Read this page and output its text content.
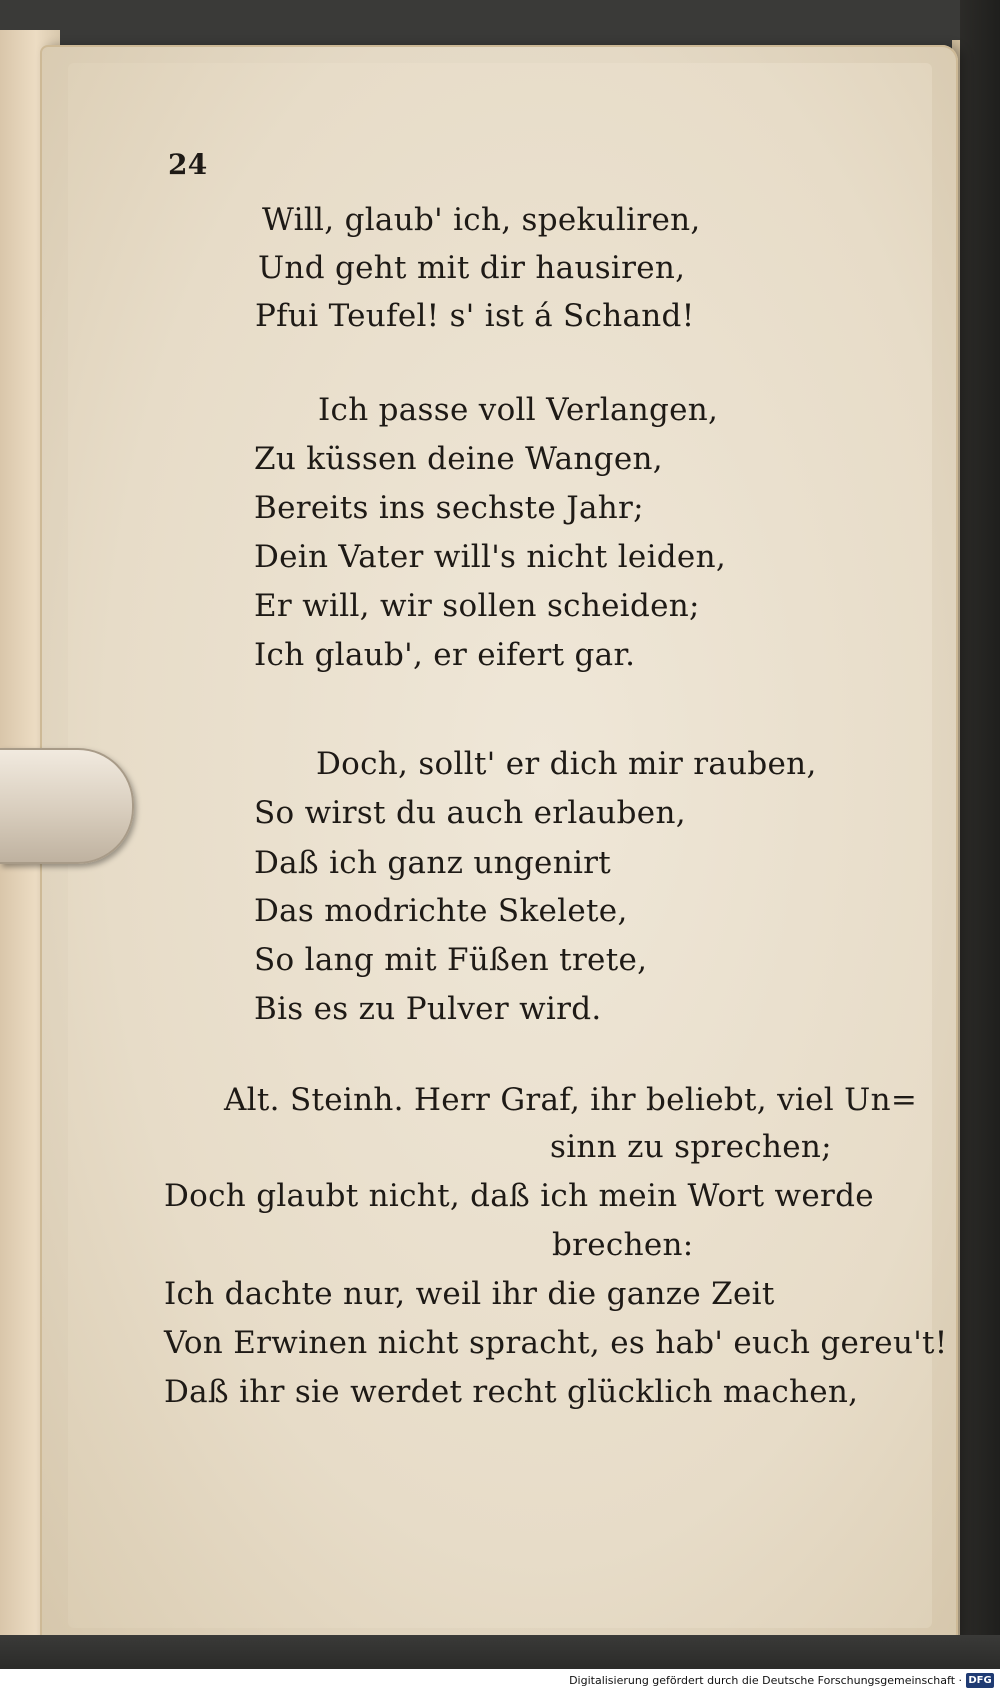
24
Will, glaub' ich, spekuliren,
Und geht mit dir hausiren,
Pfui Teufel! s' ist á Schand!
Ich passe voll Verlangen,
Zu küssen deine Wangen,
Bereits ins sechste Jahr;
Dein Vater will's nicht leiden,
Er will, wir sollen scheiden;
Ich glaub', er eifert gar.
Doch, sollt' er dich mir rauben,
So wirst du auch erlauben,
Daß ich ganz ungenirt
Das modrichte Skelete,
So lang mit Füßen trete,
Bis es zu Pulver wird.
Alt. Steinh. Herr Graf, ihr beliebt, viel Un=
sinn zu sprechen;
Doch glaubt nicht, daß ich mein Wort werde
brechen:
Ich dachte nur, weil ihr die ganze Zeit
Von Erwinen nicht spracht, es hab' euch gereu't!
Daß ihr sie werdet recht glücklich machen,
Digitalisierung gefördert durch die Deutsche Forschungsgemeinschaft · DFG
